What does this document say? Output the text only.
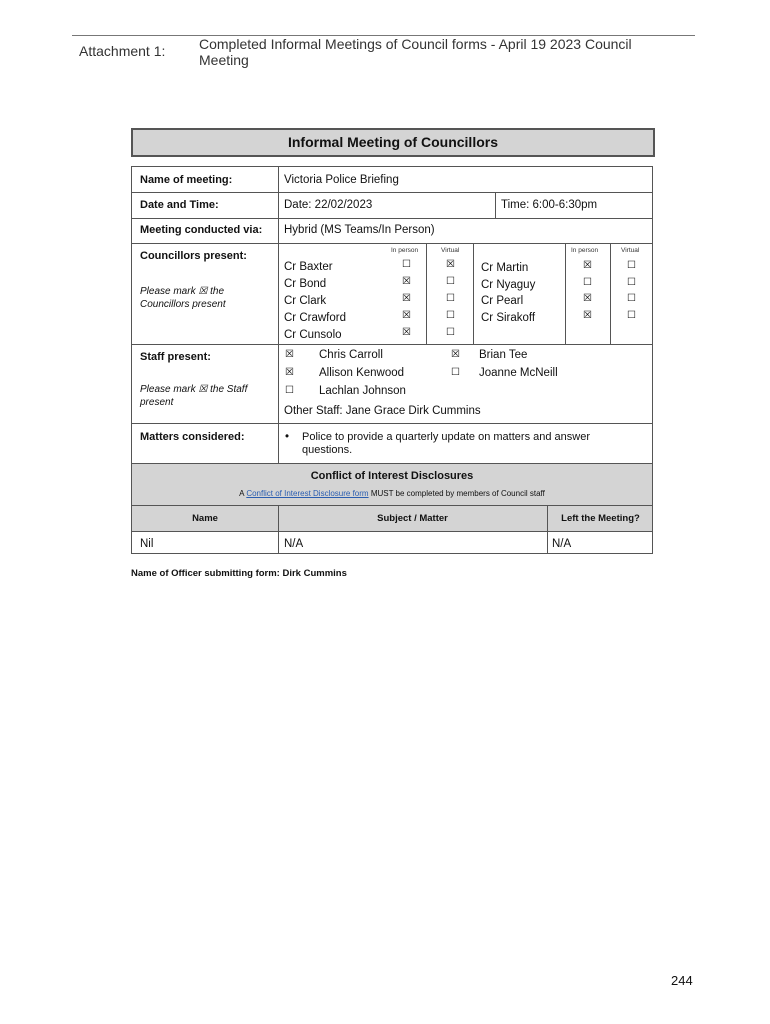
Attachment 1: Completed Informal Meetings of Council forms - April 19 2023 Council Meeting
Informal Meeting of Councillors
Name of meeting:	Victoria Police Briefing
Date and Time:	Date: 22/02/2023	Time: 6:00-6:30pm
Meeting conducted via: Hybrid (MS Teams/In Person)
Councillors present:
Please mark ☒ the Councillors present
In person	Virtual	In person	Virtual
Cr Baxter	☐	☒
Cr Bond	☒	☐
Cr Clark	☒	☐
Cr Crawford	☒	☐
Cr Cunsolo	☒	☐
Cr Martin	☒	☐
Cr Nyaguy	☐	☐
Cr Pearl	☒	☐
Cr Sirakoff	☒	☐
Staff present:
Please mark ☒ the Staff present
☒ Chris Carroll	☒ Brian Tee
☒ Allison Kenwood	☐ Joanne McNeill
☐ Lachlan Johnson
Other Staff: Jane Grace Dirk Cummins
Matters considered:	• Police to provide a quarterly update on matters and answer questions.
Conflict of Interest Disclosures
A Conflict of Interest Disclosure form MUST be completed by members of Council staff
Name	Subject / Matter	Left the Meeting?
Nil	N/A	N/A
Name of Officer submitting form: Dirk Cummins
244
